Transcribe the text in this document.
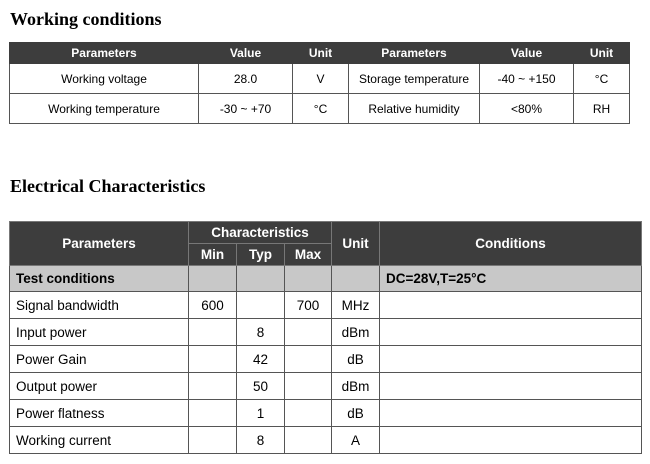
Working conditions
Parameters	Value	Unit	Parameters	Value	Unit
Working voltage	28.0	V	Storage temperature	-40 ~ +150	°C
Working temperature	-30 ~ +70	°C	Relative humidity	<80%	RH
Electrical Characteristics
Parameters	Characteristics			Unit	Conditions
	Min	Typ	Max		
Test conditions					DC=28V,T=25°C
Signal bandwidth	600		700	MHz	
Input power		8		dBm	
Power Gain		42		dB	
Output power		50		dBm	
Power flatness		1		dB	
Working current		8		A	
